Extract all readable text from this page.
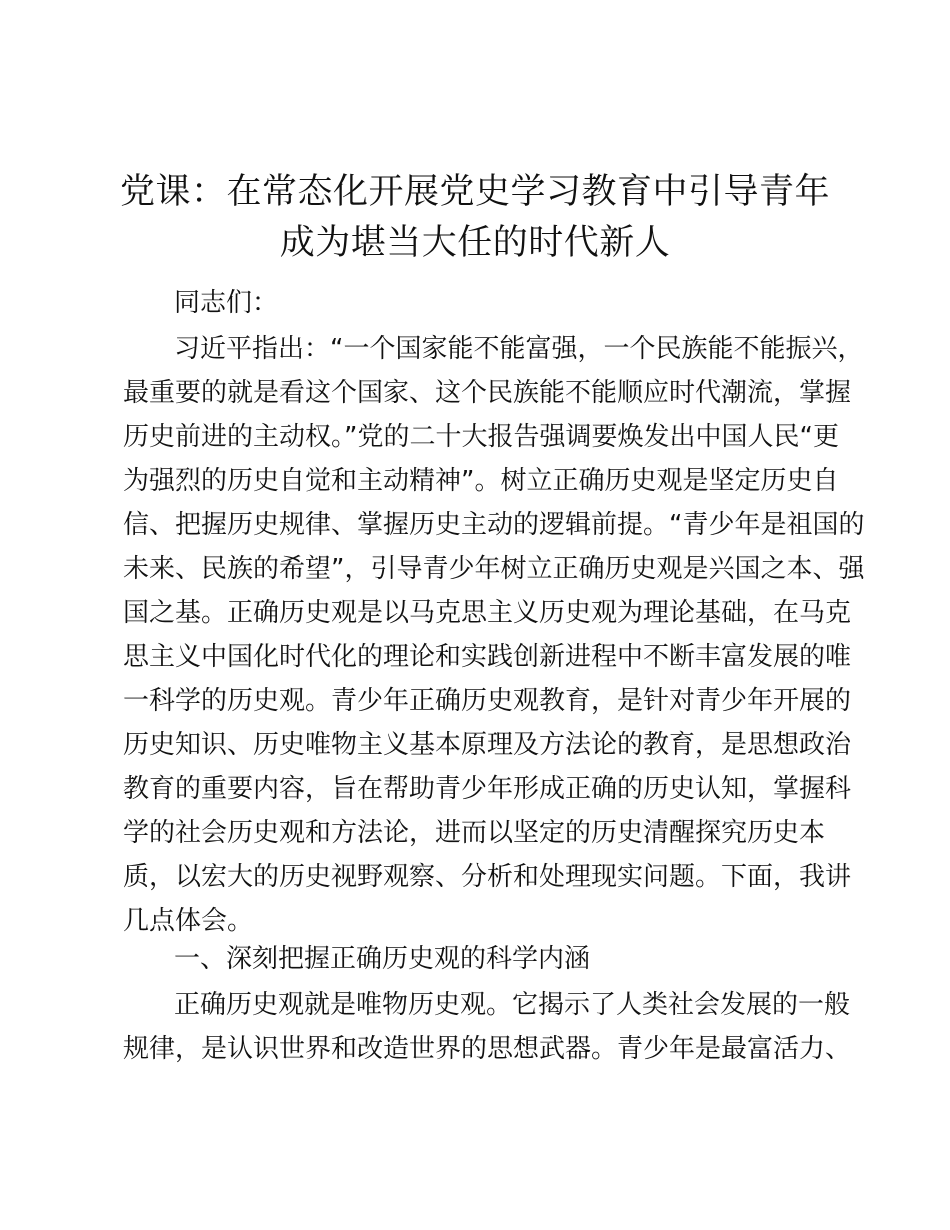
党课：在常态化开展党史学习教育中引导青年
成为堪当大任的时代新人
同志们：
习近平指出：“一个国家能不能富强，一个民族能不能振兴，
最重要的就是看这个国家、这个民族能不能顺应时代潮流，掌握
历史前进的主动权。”党的二十大报告强调要焕发出中国人民“更
为强烈的历史自觉和主动精神”。树立正确历史观是坚定历史自
信、把握历史规律、掌握历史主动的逻辑前提。“青少年是祖国的
未来、民族的希望”，引导青少年树立正确历史观是兴国之本、强
国之基。正确历史观是以马克思主义历史观为理论基础，在马克
思主义中国化时代化的理论和实践创新进程中不断丰富发展的唯
一科学的历史观。青少年正确历史观教育，是针对青少年开展的
历史知识、历史唯物主义基本原理及方法论的教育，是思想政治
教育的重要内容，旨在帮助青少年形成正确的历史认知，掌握科
学的社会历史观和方法论，进而以坚定的历史清醒探究历史本
质，以宏大的历史视野观察、分析和处理现实问题。下面，我讲
几点体会。
一、深刻把握正确历史观的科学内涵
正确历史观就是唯物历史观。它揭示了人类社会发展的一般
规律，是认识世界和改造世界的思想武器。青少年是最富活力、
